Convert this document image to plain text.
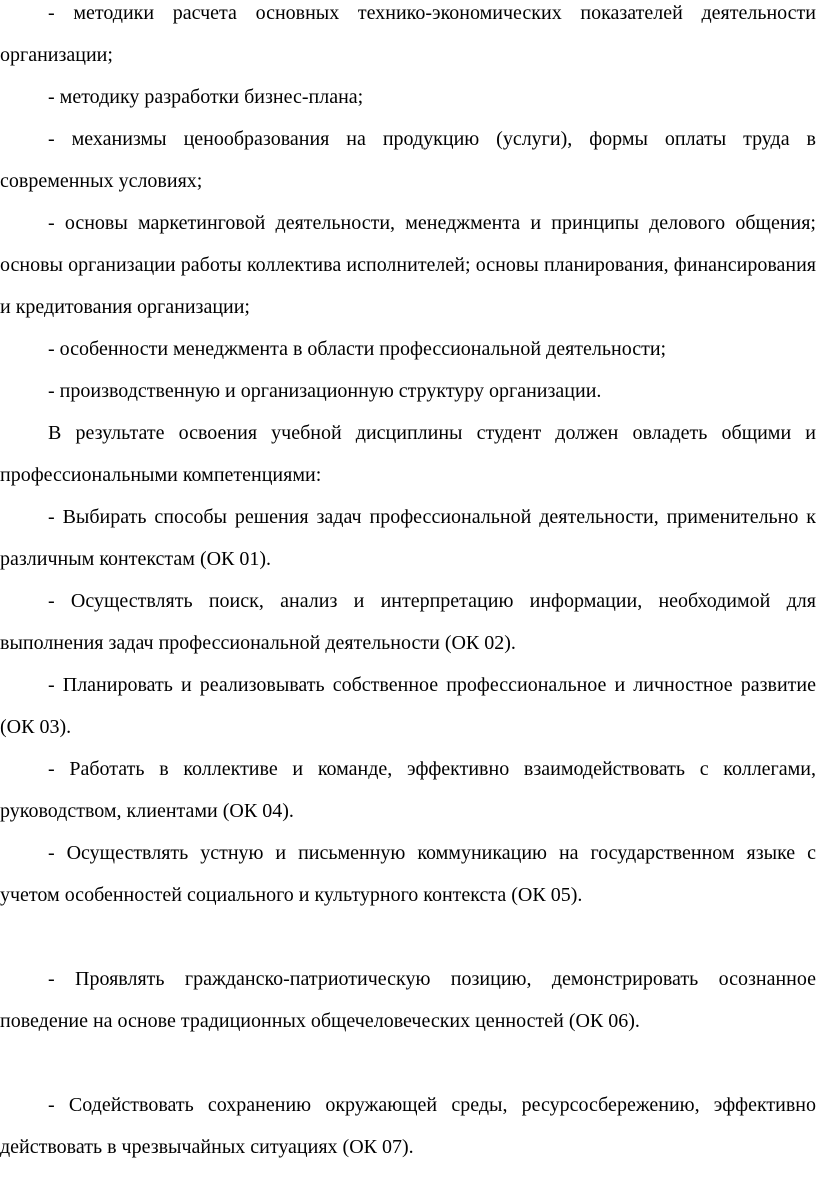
- методики расчета основных технико-экономических показателей деятельности организации;

- методику разработки бизнес-плана;

- механизмы ценообразования на продукцию (услуги), формы оплаты труда в современных условиях;

- основы маркетинговой деятельности, менеджмента и принципы делового общения; основы организации работы коллектива исполнителей; основы планирования, финансирования и кредитования организации;

- особенности менеджмента в области профессиональной деятельности;

- производственную и организационную структуру организации.

В результате освоения учебной дисциплины студент должен овладеть общими и профессиональными компетенциями:

- Выбирать способы решения задач профессиональной деятельности, применительно к различным контекстам (ОК 01).

- Осуществлять поиск, анализ и интерпретацию информации, необходимой для выполнения задач профессиональной деятельности (ОК 02).

- Планировать и реализовывать собственное профессиональное и личностное развитие (ОК 03).

- Работать в коллективе и команде, эффективно взаимодействовать с коллегами, руководством, клиентами (ОК 04).

- Осуществлять устную и письменную коммуникацию на государственном языке с учетом особенностей социального и культурного контекста (ОК 05).

- Проявлять гражданско-патриотическую позицию, демонстрировать осознанное поведение на основе традиционных общечеловеческих ценностей (ОК 06).

- Содействовать сохранению окружающей среды, ресурсосбережению, эффективно действовать в чрезвычайных ситуациях (ОК 07).
